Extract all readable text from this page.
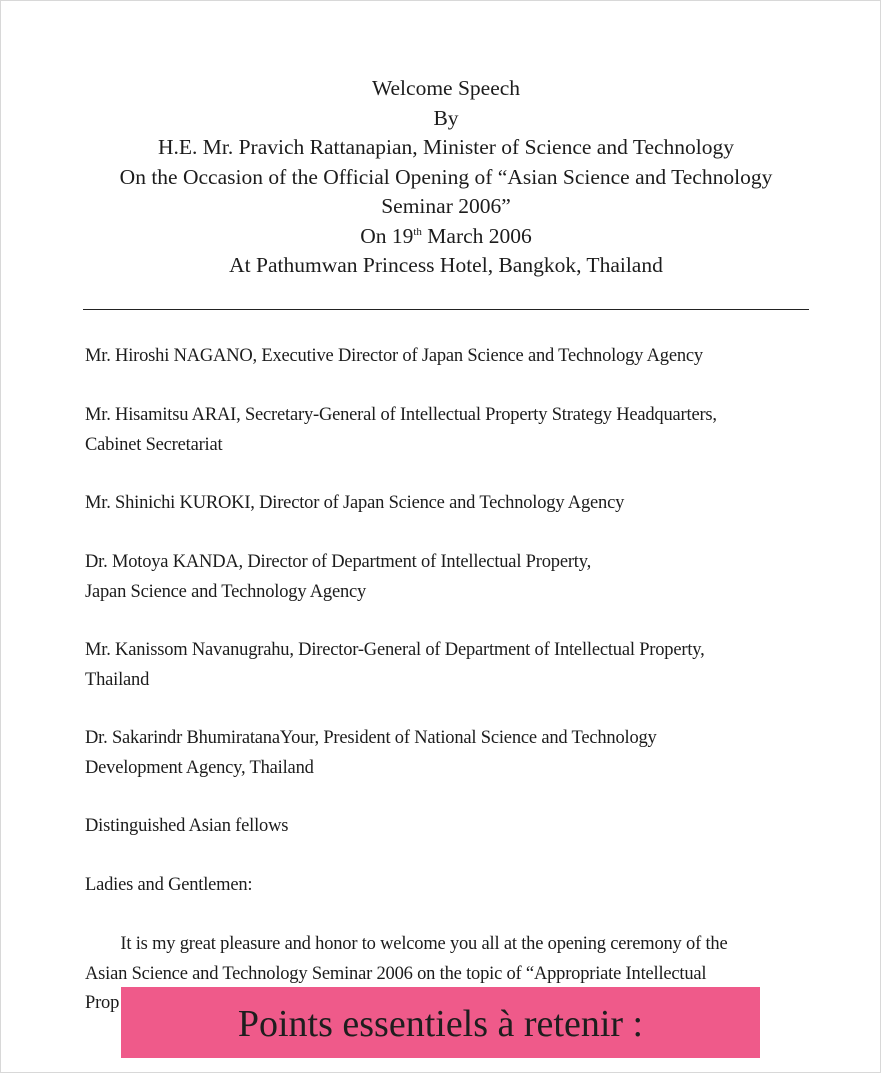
Welcome Speech
By
H.E. Mr. Pravich Rattanapian, Minister of Science and Technology
On the Occasion of the Official Opening of “Asian Science and Technology
Seminar 2006”
On 19th March 2006
At Pathumwan Princess Hotel, Bangkok, Thailand
Mr. Hiroshi NAGANO, Executive Director of Japan Science and Technology Agency
Mr. Hisamitsu ARAI, Secretary-General of Intellectual Property Strategy Headquarters,
Cabinet Secretariat
Mr. Shinichi KUROKI, Director of Japan Science and Technology Agency
Dr. Motoya KANDA, Director of Department of Intellectual Property,
Japan Science and Technology Agency
Mr. Kanissom Navanugrahu, Director-General of Department of Intellectual Property,
Thailand
Dr. Sakarindr BhumiratanaYour, President of National Science and Technology
Development Agency, Thailand
Distinguished Asian fellows
Ladies and Gentlemen:
It is my great pleasure and honor to welcome you all at the opening ceremony of the
Asian Science and Technology Seminar 2006 on the topic of “Appropriate Intellectual
Prop	Points essentiels à retenir :
